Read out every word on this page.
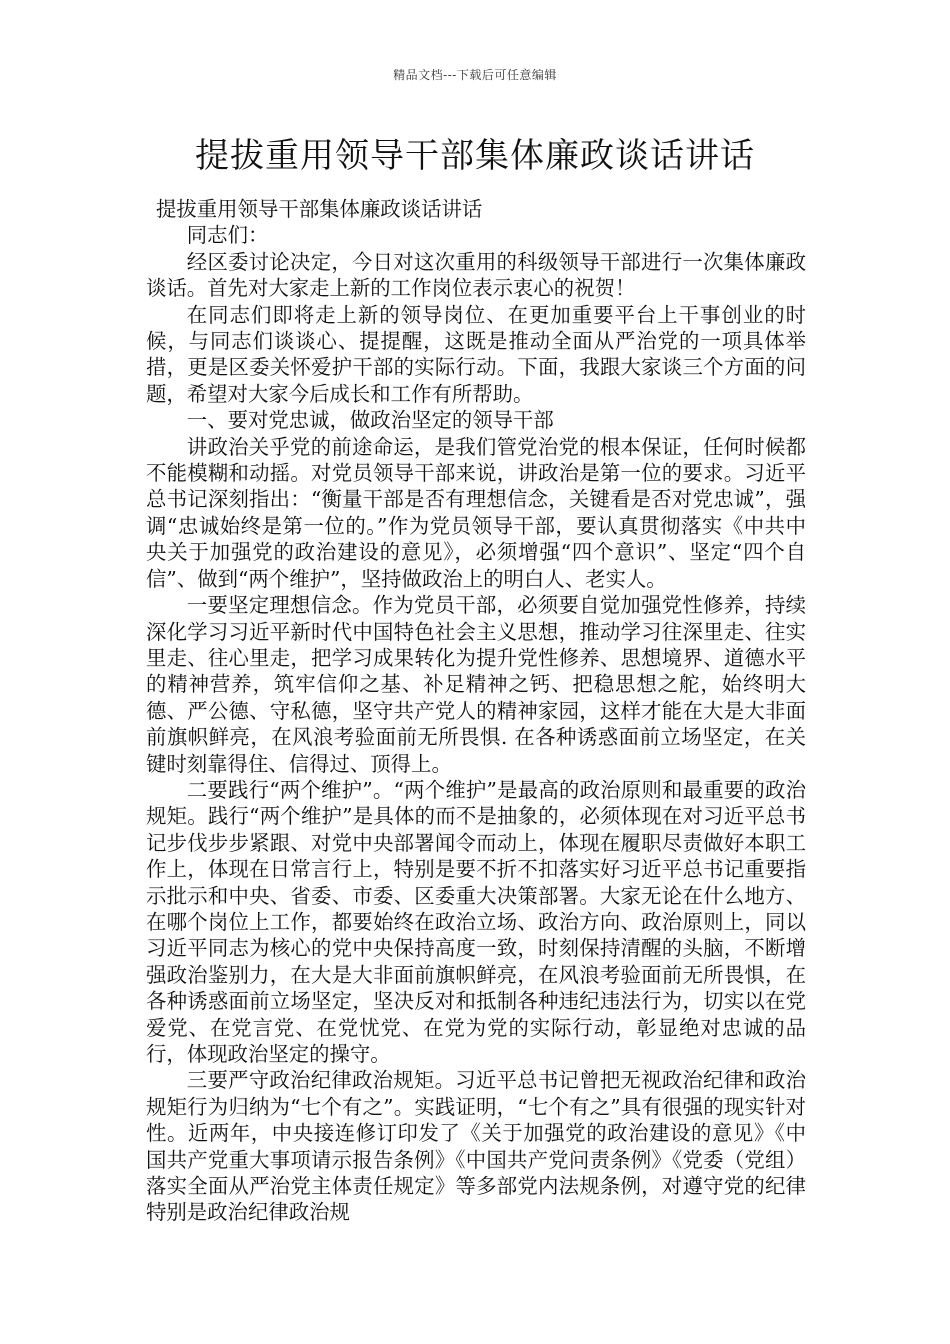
精品文档---下载后可任意编辑
提拔重用领导干部集体廉政谈话讲话

提拔重用领导干部集体廉政谈话讲话

同志们：

经区委讨论决定，今日对这次重用的科级领导干部进行一次集体廉政谈话。首先对大家走上新的工作岗位表示衷心的祝贺！

在同志们即将走上新的领导岗位、在更加重要平台上干事创业的时候，与同志们谈谈心、提提醒，这既是推动全面从严治党的一项具体举措，更是区委关怀爱护干部的实际行动。下面，我跟大家谈三个方面的问题，希望对大家今后成长和工作有所帮助。

一、要对党忠诚，做政治坚定的领导干部

讲政治关乎党的前途命运，是我们管党治党的根本保证，任何时候都不能模糊和动摇。对党员领导干部来说，讲政治是第一位的要求。习近平总书记深刻指出：“衡量干部是否有理想信念，关键看是否对党忠诚”，强调“忠诚始终是第一位的。”作为党员领导干部，要认真贯彻落实《中共中央关于加强党的政治建设的意见》，必须增强“四个意识”、坚定“四个自信”、做到“两个维护”，坚持做政治上的明白人、老实人。

一要坚定理想信念。作为党员干部，必须要自觉加强党性修养，持续深化学习习近平新时代中国特色社会主义思想，推动学习往深里走、往实里走、往心里走，把学习成果转化为提升党性修养、思想境界、道德水平的精神营养，筑牢信仰之基、补足精神之钙、把稳思想之舵，始终明大德、严公德、守私德，坚守共产党人的精神家园，这样才能在大是大非面前旗帜鲜亮，在风浪考验面前无所畏惧. 在各种诱惑面前立场坚定，在关键时刻靠得住、信得过、顶得上。

二要践行“两个维护”。“两个维护”是最高的政治原则和最重要的政治规矩。践行“两个维护”是具体的而不是抽象的，必须体现在对习近平总书记步伐步步紧跟、对党中央部署闻令而动上，体现在履职尽责做好本职工作上，体现在日常言行上，特别是要不折不扣落实好习近平总书记重要指示批示和中央、省委、市委、区委重大决策部署。大家无论在什么地方、在哪个岗位上工作，都要始终在政治立场、政治方向、政治原则上，同以习近平同志为核心的党中央保持高度一致，时刻保持清醒的头脑，不断增强政治鉴别力，在大是大非面前旗帜鲜亮，在风浪考验面前无所畏惧，在各种诱惑面前立场坚定，坚决反对和抵制各种违纪违法行为，切实以在党爱党、在党言党、在党忧党、在党为党的实际行动，彰显绝对忠诚的品行，体现政治坚定的操守。

三要严守政治纪律政治规矩。习近平总书记曾把无视政治纪律和政治规矩行为归纳为“七个有之”。实践证明，“七个有之”具有很强的现实针对性。近两年，中央接连修订印发了《关于加强党的政治建设的意见》《中国共产党重大事项请示报告条例》《中国共产党问责条例》《党委（党组）落实全面从严治党主体责任规定》等多部党内法规条例，对遵守党的纪律特别是政治纪律政治规
